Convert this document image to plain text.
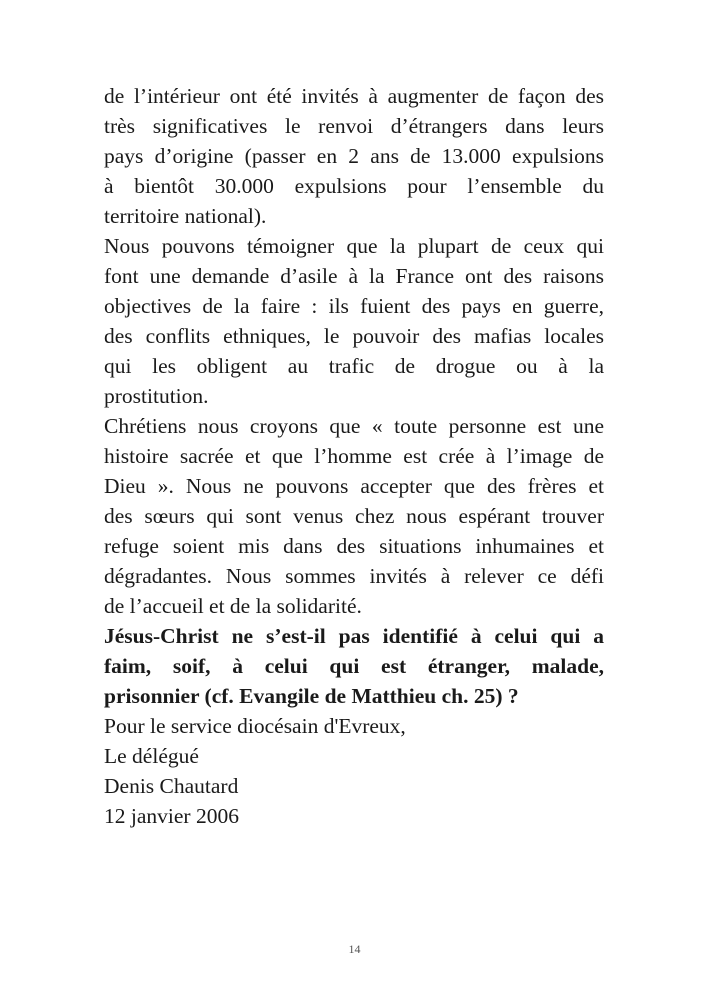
de l’intérieur ont été invités à augmenter de façon des
très significatives le renvoi d’étrangers dans leurs
pays d’origine (passer en 2 ans de 13.000 expulsions
à bientôt 30.000 expulsions pour l’ensemble du
territoire national).
Nous pouvons témoigner que la plupart de ceux qui
font une demande d’asile à la France ont des raisons
objectives de la faire : ils fuient des pays en guerre,
des conflits ethniques, le pouvoir des mafias locales
qui les obligent au trafic de drogue ou à la
prostitution.
Chrétiens nous croyons que « toute personne est une
histoire sacrée et que l’homme est crée à l’image de
Dieu ». Nous ne pouvons accepter que des frères et
des sœurs qui sont venus chez nous espérant trouver
refuge soient mis dans des situations inhumaines et
dégradantes. Nous sommes invités à relever ce défi
de l’accueil et de la solidarité.
Jésus-Christ ne s’est-il pas identifié à celui qui a
faim, soif, à celui qui est étranger, malade,
prisonnier (cf. Evangile de Matthieu ch. 25) ?
Pour le service diocésain d'Evreux,
Le délégué
Denis Chautard
12 janvier 2006
14
